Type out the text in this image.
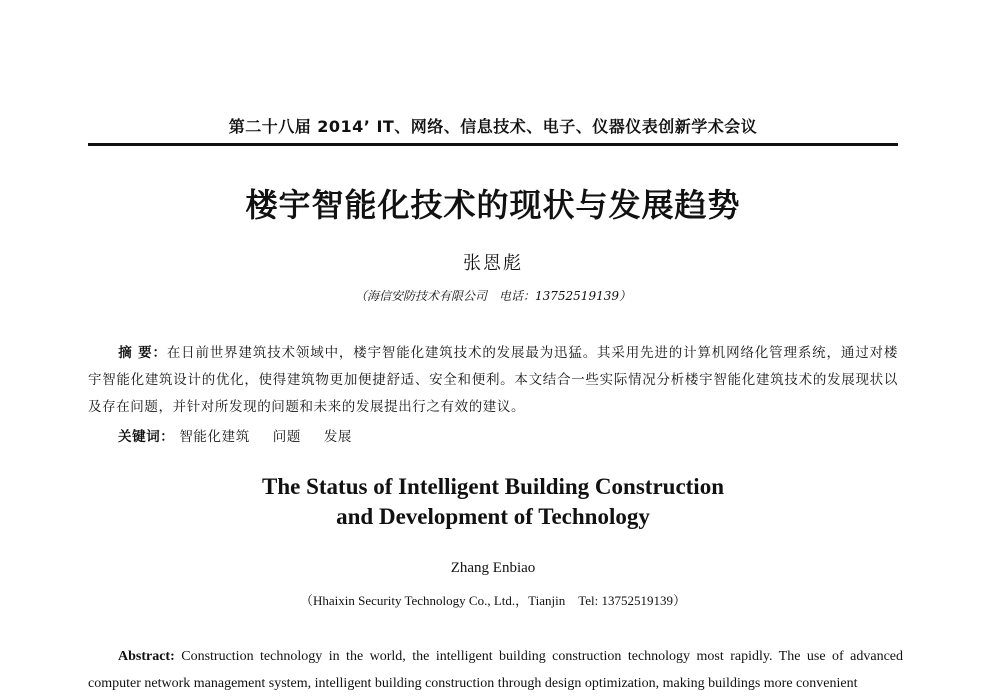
第二十八届 2014’ IT、网络、信息技术、电子、仪器仪表创新学术会议
楼宇智能化技术的现状与发展趋势
张恩彪
（海信安防技术有限公司　电话：13752519139）
摘 要：在日前世界建筑技术领域中，楼宇智能化建筑技术的发展最为迅猛。其采用先进的计算机网络化管理系统，通过对楼宇智能化建筑设计的优化，使得建筑物更加便捷舒适、安全和便利。本文结合一些实际情况分析楼宇智能化建筑技术的发展现状以及存在问题，并针对所发现的问题和未来的发展提出行之有效的建议。
关键词： 智能化建筑 问题 发展
The Status of Intelligent Building Construction
and Development of Technology
Zhang Enbiao
（Hhaixin Security Technology Co., Ltd.，Tianjin　Tel: 13752519139）
Abstract: Construction technology in the world, the intelligent building construction technology most rapidly. The use of advanced computer network management system, intelligent building construction through design optimization, making buildings more convenient
